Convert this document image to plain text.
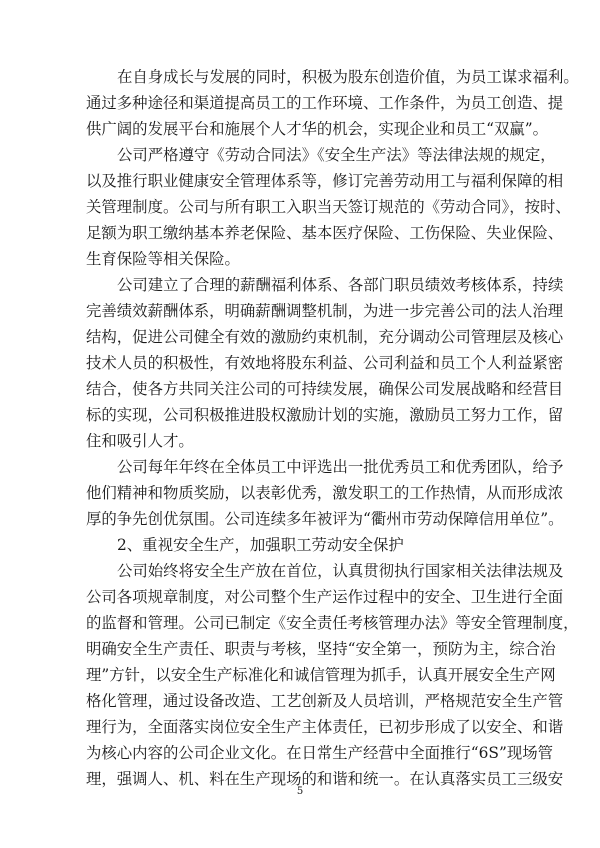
在自身成长与发展的同时，积极为股东创造价值，为员工谋求福利。
通过多种途径和渠道提高员工的工作环境、工作条件，为员工创造、提
供广阔的发展平台和施展个人才华的机会，实现企业和员工“双赢”。
公司严格遵守《劳动合同法》《安全生产法》等法律法规的规定，
以及推行职业健康安全管理体系等，修订完善劳动用工与福利保障的相
关管理制度。公司与所有职工入职当天签订规范的《劳动合同》，按时、
足额为职工缴纳基本养老保险、基本医疗保险、工伤保险、失业保险、
生育保险等相关保险。
公司建立了合理的薪酬福利体系、各部门职员绩效考核体系，持续
完善绩效薪酬体系，明确薪酬调整机制，为进一步完善公司的法人治理
结构，促进公司健全有效的激励约束机制，充分调动公司管理层及核心
技术人员的积极性，有效地将股东利益、公司利益和员工个人利益紧密
结合，使各方共同关注公司的可持续发展，确保公司发展战略和经营目
标的实现，公司积极推进股权激励计划的实施，激励员工努力工作，留
住和吸引人才。
公司每年年终在全体员工中评选出一批优秀员工和优秀团队，给予
他们精神和物质奖励，以表彰优秀，激发职工的工作热情，从而形成浓
厚的争先创优氛围。公司连续多年被评为“衢州市劳动保障信用单位”。
2、重视安全生产，加强职工劳动安全保护
公司始终将安全生产放在首位，认真贯彻执行国家相关法律法规及
公司各项规章制度，对公司整个生产运作过程中的安全、卫生进行全面
的监督和管理。公司已制定《安全责任考核管理办法》等安全管理制度，
明确安全生产责任、职责与考核，坚持“安全第一，预防为主，综合治
理”方针，以安全生产标准化和诚信管理为抓手，认真开展安全生产网
格化管理，通过设备改造、工艺创新及人员培训，严格规范安全生产管
理行为，全面落实岗位安全生产主体责任，已初步形成了以安全、和谐
为核心内容的公司企业文化。在日常生产经营中全面推行“6S”现场管
理，强调人、机、料在生产现场的和谐和统一。在认真落实员工三级安
5
